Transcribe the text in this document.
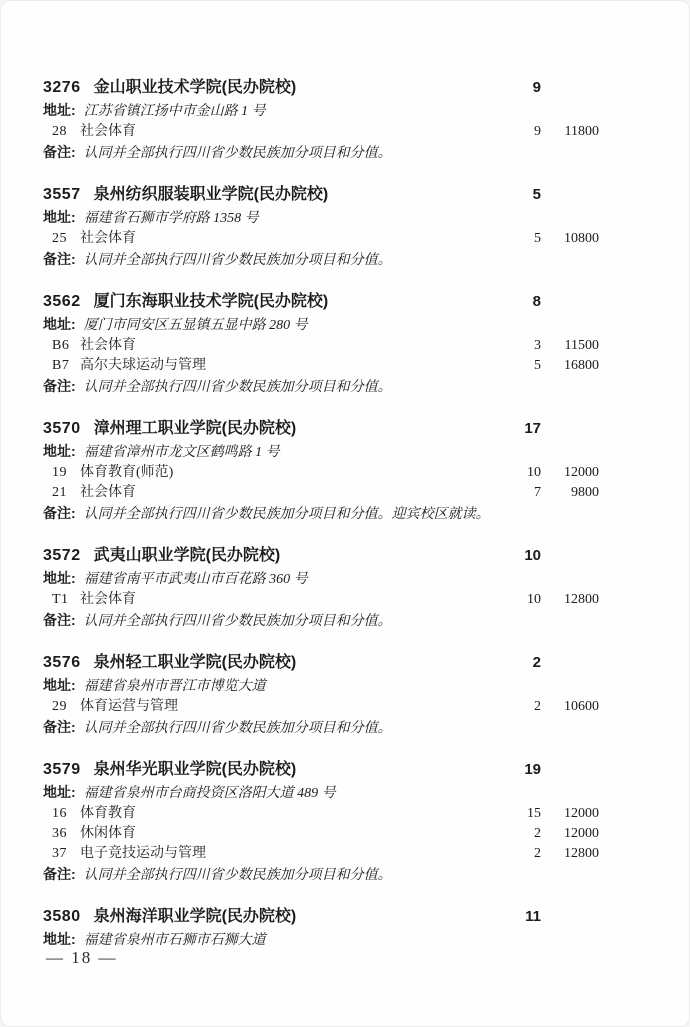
3276 金山职业技术学院(民办院校)	9
地址: 江苏省镇江扬中市金山路 1 号
28 社会体育	9	11800
备注: 认同并全部执行四川省少数民族加分项目和分值。
3557 泉州纺织服装职业学院(民办院校)	5
地址: 福建省石狮市学府路 1358 号
25 社会体育	5	10800
备注: 认同并全部执行四川省少数民族加分项目和分值。
3562 厦门东海职业技术学院(民办院校)	8
地址: 厦门市同安区五显镇五显中路 280 号
B6 社会体育	3	11500
B7 高尔夫球运动与管理	5	16800
备注: 认同并全部执行四川省少数民族加分项目和分值。
3570 漳州理工职业学院(民办院校)	17
地址: 福建省漳州市龙文区鹤鸣路 1 号
19 体育教育(师范)	10	12000
21 社会体育	7	9800
备注: 认同并全部执行四川省少数民族加分项目和分值。迎宾校区就读。
3572 武夷山职业学院(民办院校)	10
地址: 福建省南平市武夷山市百花路 360 号
T1 社会体育	10	12800
备注: 认同并全部执行四川省少数民族加分项目和分值。
3576 泉州轻工职业学院(民办院校)	2
地址: 福建省泉州市晋江市博览大道
29 体育运营与管理	2	10600
备注: 认同并全部执行四川省少数民族加分项目和分值。
3579 泉州华光职业学院(民办院校)	19
地址: 福建省泉州市台商投资区洛阳大道 489 号
16 体育教育	15	12000
36 休闲体育	2	12000
37 电子竞技运动与管理	2	12800
备注: 认同并全部执行四川省少数民族加分项目和分值。
3580 泉州海洋职业学院(民办院校)	11
地址: 福建省泉州市石狮市石狮大道
— 18 —
